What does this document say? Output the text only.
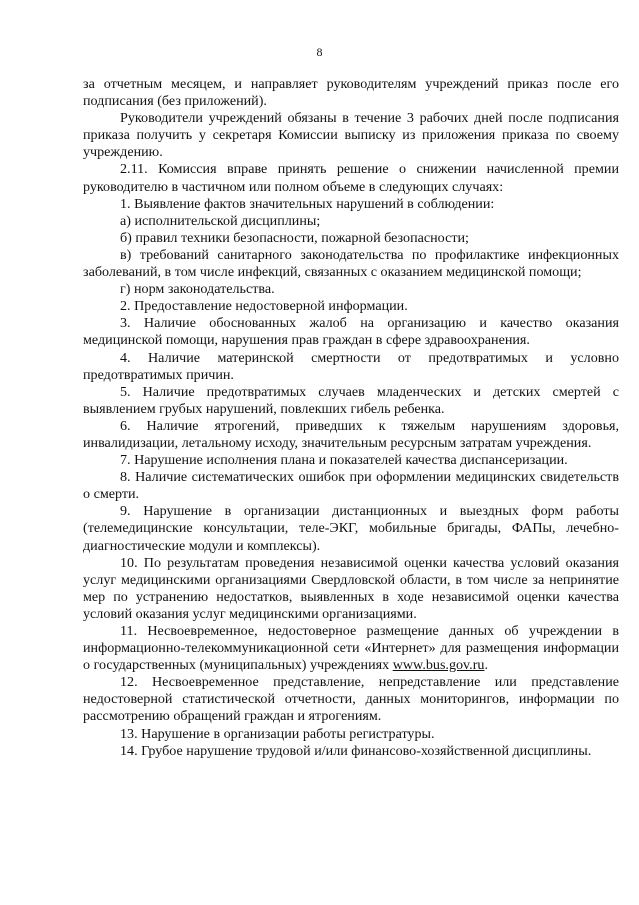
8

за отчетным месяцем, и направляет руководителям учреждений приказ после его подписания (без приложений).

Руководители учреждений обязаны в течение 3 рабочих дней после подписания приказа получить у секретаря Комиссии выписку из приложения приказа по своему учреждению.

2.11. Комиссия вправе принять решение о снижении начисленной премии руководителю в частичном или полном объеме в следующих случаях:

1. Выявление фактов значительных нарушений в соблюдении:

а) исполнительской дисциплины;

б) правил техники безопасности, пожарной безопасности;

в) требований санитарного законодательства по профилактике инфекционных заболеваний, в том числе инфекций, связанных с оказанием медицинской помощи;

г) норм законодательства.

2. Предоставление недостоверной информации.

3. Наличие обоснованных жалоб на организацию и качество оказания медицинской помощи, нарушения прав граждан в сфере здравоохранения.

4. Наличие материнской смертности от предотвратимых и условно предотвратимых причин.

5. Наличие предотвратимых случаев младенческих и детских смертей с выявлением грубых нарушений, повлекших гибель ребенка.

6. Наличие ятрогений, приведших к тяжелым нарушениям здоровья, инвалидизации, летальному исходу, значительным ресурсным затратам учреждения.

7. Нарушение исполнения плана и показателей качества диспансеризации.

8. Наличие систематических ошибок при оформлении медицинских свидетельств о смерти.

9. Нарушение в организации дистанционных и выездных форм работы (телемедицинские консультации, теле-ЭКГ, мобильные бригады, ФАПы, лечебно-диагностические модули и комплексы).

10. По результатам проведения независимой оценки качества условий оказания услуг медицинскими организациями Свердловской области, в том числе за непринятие мер по устранению недостатков, выявленных в ходе независимой оценки качества условий оказания услуг медицинскими организациями.

11. Несвоевременное, недостоверное размещение данных об учреждении в информационно-телекоммуникационной сети «Интернет» для размещения информации о государственных (муниципальных) учреждениях www.bus.gov.ru.

12. Несвоевременное представление, непредставление или представление недостоверной статистической отчетности, данных мониторингов, информации по рассмотрению обращений граждан и ятрогениям.

13. Нарушение в организации работы регистратуры.

14. Грубое нарушение трудовой и/или финансово-хозяйственной дисциплины.
